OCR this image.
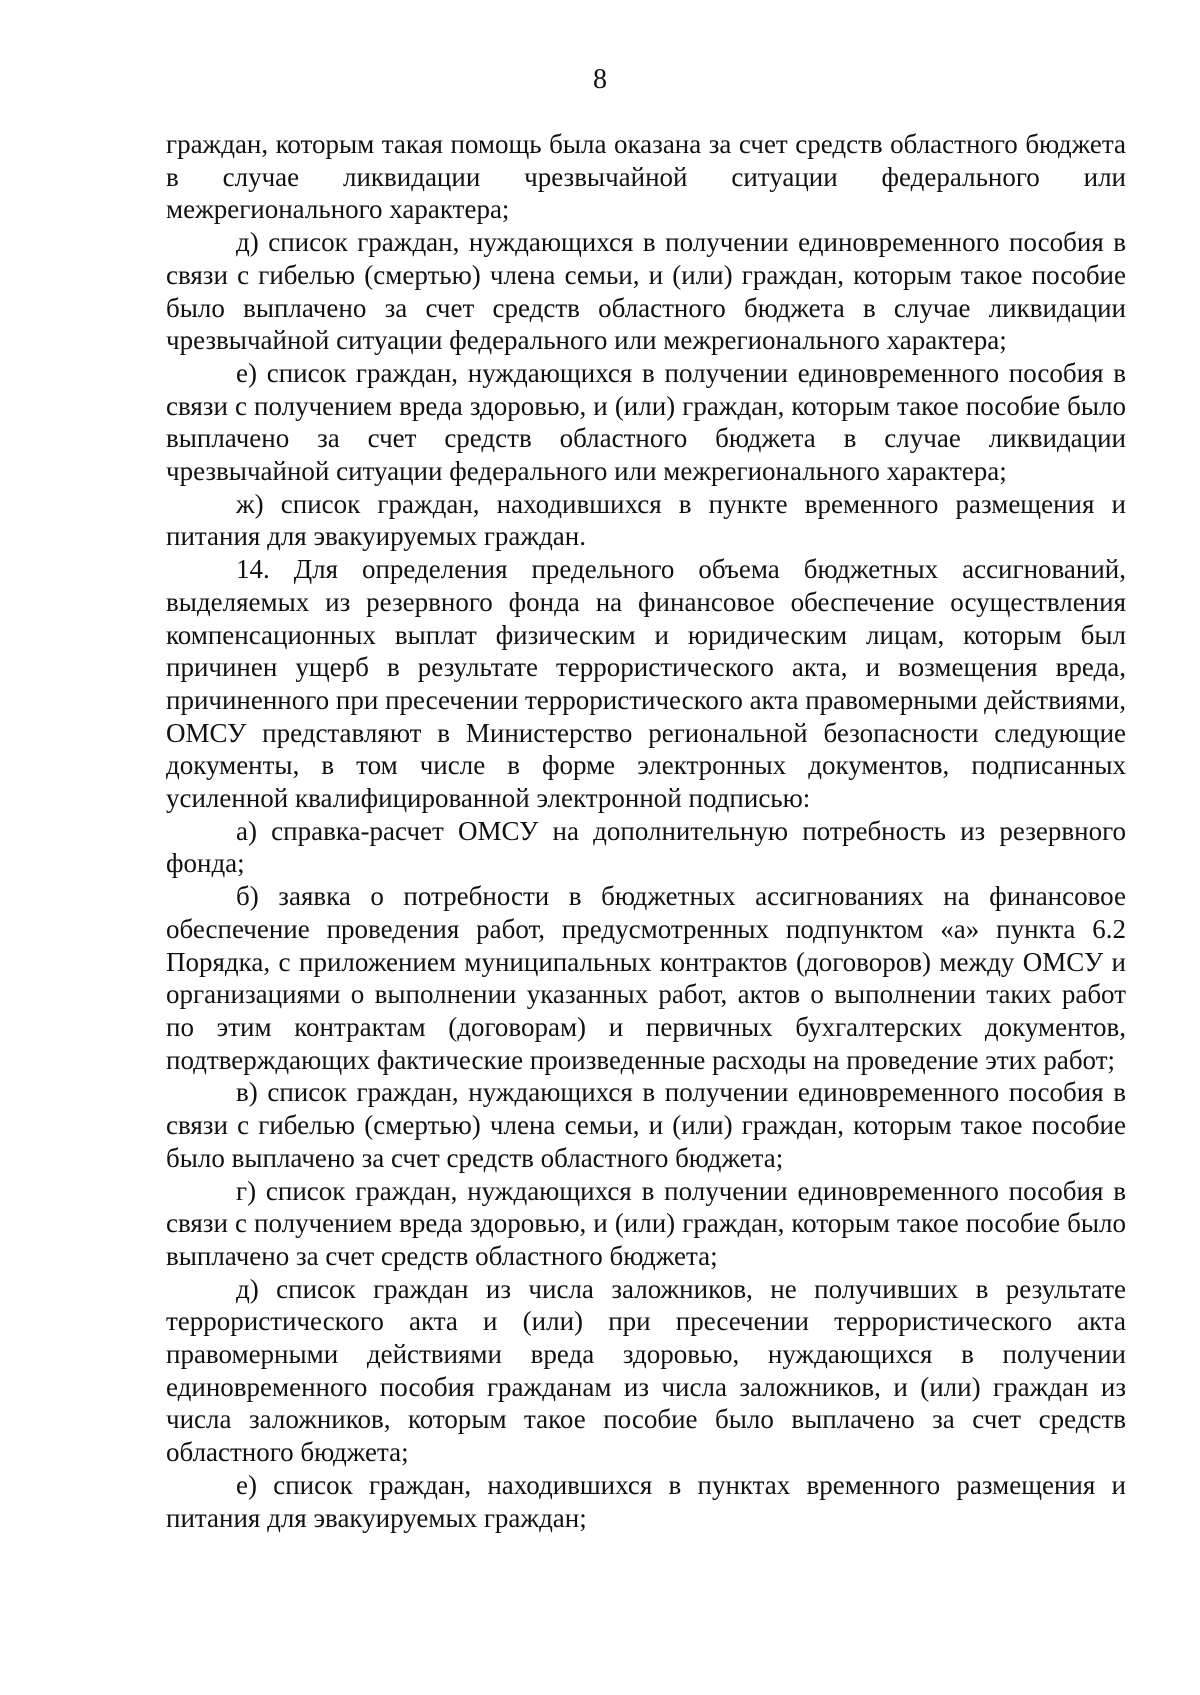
8

граждан, которым такая помощь была оказана за счет средств областного бюджета в случае ликвидации чрезвычайной ситуации федерального или межрегионального характера;

д) список граждан, нуждающихся в получении единовременного пособия в связи с гибелью (смертью) члена семьи, и (или) граждан, которым такое пособие было выплачено за счет средств областного бюджета в случае ликвидации чрезвычайной ситуации федерального или межрегионального характера;

е) список граждан, нуждающихся в получении единовременного пособия в связи с получением вреда здоровью, и (или) граждан, которым такое пособие было выплачено за счет средств областного бюджета в случае ликвидации чрезвычайной ситуации федерального или межрегионального характера;

ж) список граждан, находившихся в пункте временного размещения и питания для эвакуируемых граждан.

14. Для определения предельного объема бюджетных ассигнований, выделяемых из резервного фонда на финансовое обеспечение осуществления компенсационных выплат физическим и юридическим лицам, которым был причинен ущерб в результате террористического акта, и возмещения вреда, причиненного при пресечении террористического акта правомерными действиями, ОМСУ представляют в Министерство региональной безопасности следующие документы, в том числе в форме электронных документов, подписанных усиленной квалифицированной электронной подписью:

а) справка-расчет ОМСУ на дополнительную потребность из резервного фонда;

б) заявка о потребности в бюджетных ассигнованиях на финансовое обеспечение проведения работ, предусмотренных подпунктом «а» пункта 6.2 Порядка, с приложением муниципальных контрактов (договоров) между ОМСУ и организациями о выполнении указанных работ, актов о выполнении таких работ по этим контрактам (договорам) и первичных бухгалтерских документов, подтверждающих фактические произведенные расходы на проведение этих работ;

в) список граждан, нуждающихся в получении единовременного пособия в связи с гибелью (смертью) члена семьи, и (или) граждан, которым такое пособие было выплачено за счет средств областного бюджета;

г) список граждан, нуждающихся в получении единовременного пособия в связи с получением вреда здоровью, и (или) граждан, которым такое пособие было выплачено за счет средств областного бюджета;

д) список граждан из числа заложников, не получивших в результате террористического акта и (или) при пресечении террористического акта правомерными действиями вреда здоровью, нуждающихся в получении единовременного пособия гражданам из числа заложников, и (или) граждан из числа заложников, которым такое пособие было выплачено за счет средств областного бюджета;

е) список граждан, находившихся в пунктах временного размещения и питания для эвакуируемых граждан;
